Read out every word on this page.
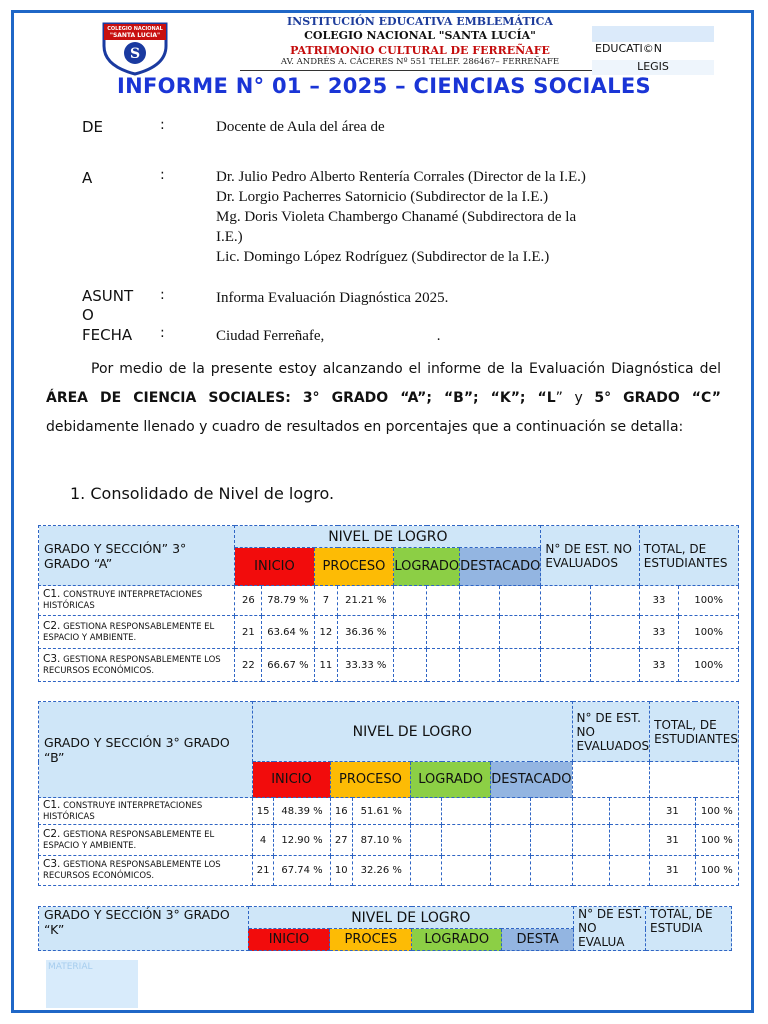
COLEGIO NACIONAL
"SANTA LUCIA"
S
INSTITUCIÓN EDUCATIVA EMBLEMÁTICA
COLEGIO NACIONAL "SANTA LUCÍA"
PATRIMONIO CULTURAL DE FERREÑAFE
AV. ANDRÉS A. CÁCERES Nº 551 TELEF. 286467– FERREÑAFE
EDUCATI©N
LEGIS
INFORME N° 01 – 2025 – CIENCIAS SOCIALES
DE	:	Docente de Aula del área de
A	:	Dr. Julio Pedro Alberto Rentería Corrales (Director de la I.E.)
Dr. Lorgio Pacherres Satornicio (Subdirector de la I.E.)
Mg. Doris Violeta Chambergo Chanamé (Subdirectora de la
I.E.)
Lic. Domingo López Rodríguez (Subdirector de la I.E.)
ASUNT
O
:	Informa Evaluación Diagnóstica 2025.
FECHA :	Ciudad Ferreñafe,                              .
Por medio de la presente estoy alcanzando el informe de la Evaluación Diagnóstica del ÁREA DE CIENCIA SOCIALES: 3° GRADO “A”; “B”; “K”; “L” y 5° GRADO “C” debidamente llenado y cuadro de resultados en porcentajes que a continuación se detalla:
1. Consolidado de Nivel de logro.
GRADO Y SECCIÓN” 3° GRADO “A”	NIVEL DE LOGRO								N° DE EST. NO EVALUADOS		TOTAL, DE ESTUDIANTES	
	INICIO		PROCESO		LOGRADO		DESTACADO					
C1. CONSTRUYE INTERPRETACIONES HISTÓRICAS	26	78.79 %	7	21.21 %							33	100%
C2. GESTIONA RESPONSABLEMENTE EL ESPACIO Y AMBIENTE.	21	63.64 %	12	36.36 %							33	100%
C3. GESTIONA RESPONSABLEMENTE LOS RECURSOS ECONÓMICOS.	22	66.67 %	11	33.33 %							33	100%
GRADO Y SECCIÓN 3° GRADO “B”	NIVEL DE LOGRO								N° DE EST. NO EVALUADOS		TOTAL, DE ESTUDIANTES	
	INICIO		PROCESO		LOGRADO		DESTACADO					
C1. CONSTRUYE INTERPRETACIONES HISTÓRICAS	15	48.39 %	16	51.61 %							31	100 %
C2. GESTIONA RESPONSABLEMENTE EL ESPACIO Y AMBIENTE.	4	12.90 %	27	87.10 %							31	100 %
C3. GESTIONA RESPONSABLEMENTE LOS RECURSOS ECONÓMICOS.	21	67.74 %	10	32.26 %							31	100 %
GRADO Y SECCIÓN 3° GRADO “K”	NIVEL DE LOGRO				N° DE EST. NO EVALUA	TOTAL, DE ESTUDIA
	INICIO	PROCES	LOGRADO	DESTA		
MATERIAL
